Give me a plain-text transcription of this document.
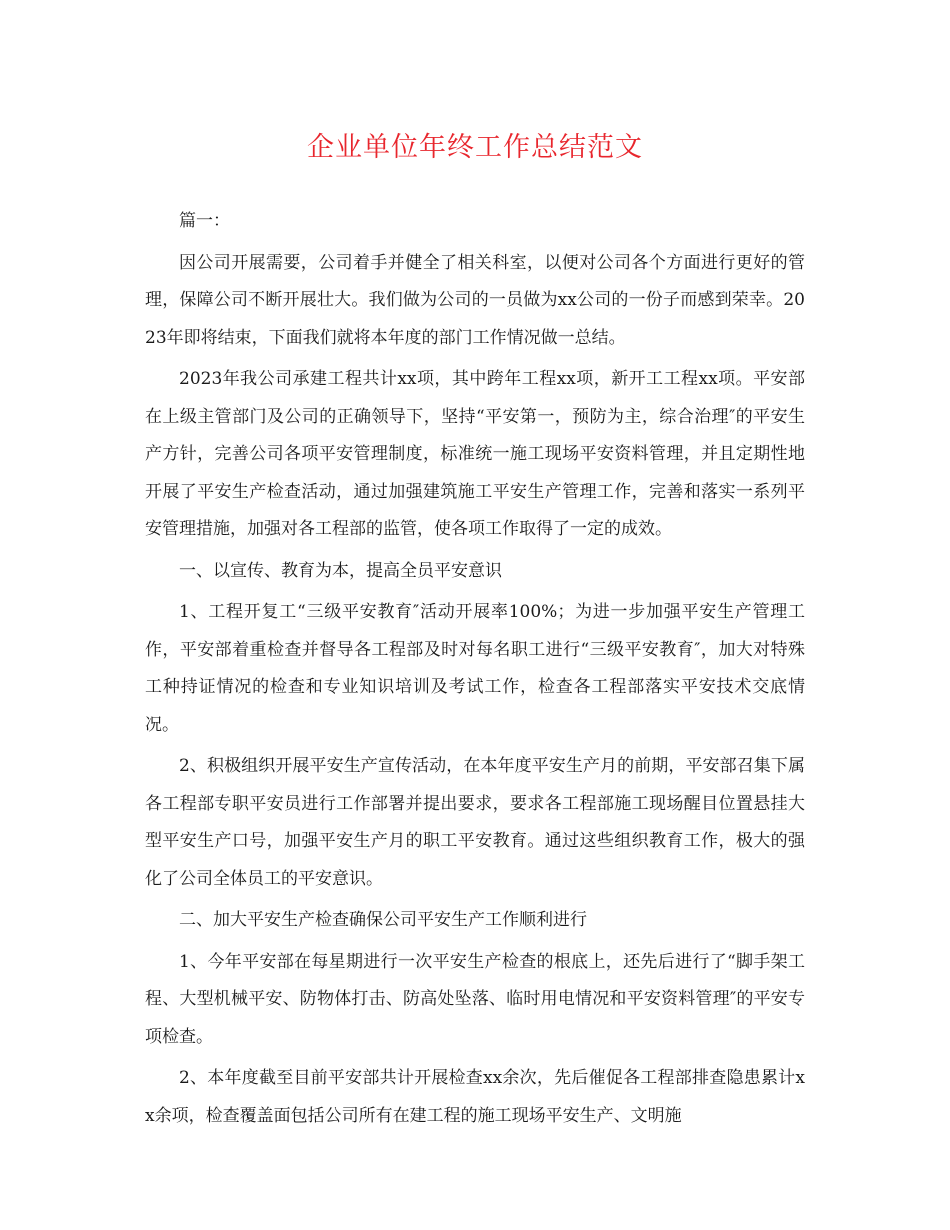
企业单位年终工作总结范文

篇一：

因公司开展需要，公司着手并健全了相关科室，以便对公司各个方面进行更好的管理，保障公司不断开展壮大。我们做为公司的一员做为xx公司的一份子而感到荣幸。2023年即将结束，下面我们就将本年度的部门工作情况做一总结。

2023年我公司承建工程共计xx项，其中跨年工程xx项，新开工工程xx项。平安部在上级主管部门及公司的正确领导下，坚持“平安第一，预防为主，综合治理″的平安生产方针，完善公司各项平安管理制度，标准统一施工现场平安资料管理，并且定期性地开展了平安生产检查活动，通过加强建筑施工平安生产管理工作，完善和落实一系列平安管理措施，加强对各工程部的监管，使各项工作取得了一定的成效。

一、以宣传、教育为本，提高全员平安意识

1、工程开复工“三级平安教育″活动开展率100%；为进一步加强平安生产管理工作，平安部着重检查并督导各工程部及时对每名职工进行“三级平安教育″，加大对特殊工种持证情况的检查和专业知识培训及考试工作，检查各工程部落实平安技术交底情况。

2、积极组织开展平安生产宣传活动，在本年度平安生产月的前期，平安部召集下属各工程部专职平安员进行工作部署并提出要求，要求各工程部施工现场醒目位置悬挂大型平安生产口号，加强平安生产月的职工平安教育。通过这些组织教育工作，极大的强化了公司全体员工的平安意识。

二、加大平安生产检查确保公司平安生产工作顺利进行

1、今年平安部在每星期进行一次平安生产检查的根底上，还先后进行了“脚手架工程、大型机械平安、防物体打击、防高处坠落、临时用电情况和平安资料管理″的平安专项检查。

2、本年度截至目前平安部共计开展检查xx余次，先后催促各工程部排查隐患累计xx余项，检查覆盖面包括公司所有在建工程的施工现场平安生产、文明施
